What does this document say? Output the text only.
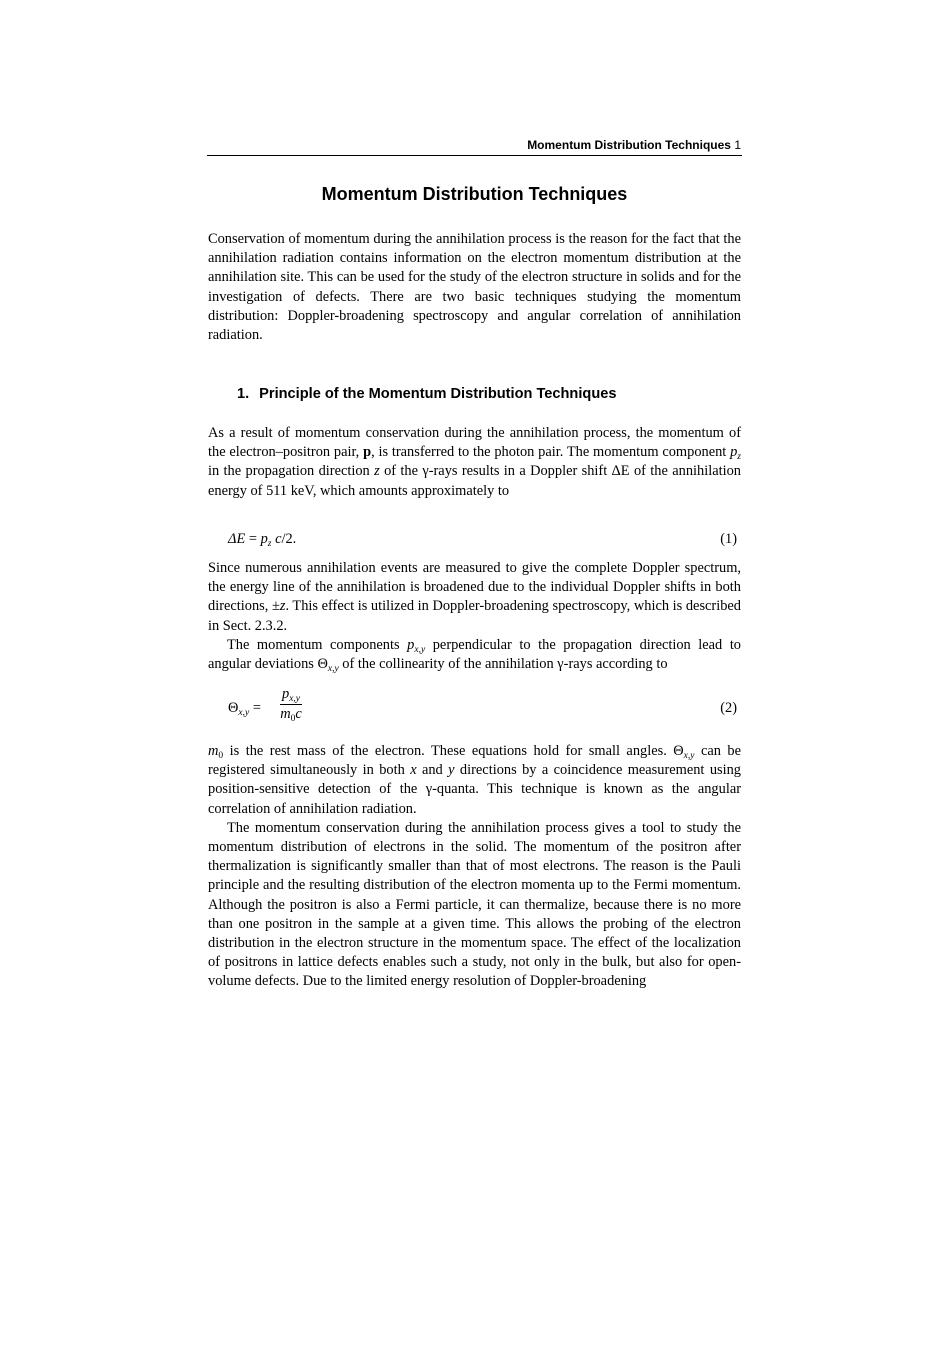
Momentum Distribution Techniques 1
Momentum Distribution Techniques

Conservation of momentum during the annihilation process is the reason for the fact that the annihilation radiation contains information on the electron momentum distribution at the annihilation site. This can be used for the study of the electron structure in solids and for the investigation of defects. There are two basic techniques studying the momentum distribution: Doppler-broadening spectroscopy and angular correlation of annihilation radiation.

1. Principle of the Momentum Distribution Techniques

As a result of momentum conservation during the annihilation process, the momentum of the electron–positron pair, p, is transferred to the photon pair. The momentum component $p_z$ in the propagation direction z of the γ-rays results in a Doppler shift ΔE of the annihilation energy of 511 keV, which amounts approximately to

$\Delta E = p_z$ c/2.	(1)

Since numerous annihilation events are measured to give the complete Doppler spectrum, the energy line of the annihilation is broadened due to the individual Doppler shifts in both directions, ±z. This effect is utilized in Doppler-broadening spectroscopy, which is described in Sect. 2.3.2.

The momentum components $p_{x,y}$ perpendicular to the propagation direction lead to angular deviations $\Theta_{x,y}$ of the collinearity of the annihilation γ-rays according to

$\Theta_{x,y} = \frac{p_{x,y}}{m_0c}$	(2)

$m_0$ is the rest mass of the electron. These equations hold for small angles. $\Theta_{x,y}$ can be registered simultaneously in both x and y directions by a coincidence measurement using position-sensitive detection of the γ-quanta. This technique is known as the angular correlation of annihilation radiation.

The momentum conservation during the annihilation process gives a tool to study the momentum distribution of electrons in the solid. The momentum of the positron after thermalization is significantly smaller than that of most electrons. The reason is the Pauli principle and the resulting distribution of the electron momenta up to the Fermi momentum. Although the positron is also a Fermi particle, it can thermalize, because there is no more than one positron in the sample at a given time. This allows the probing of the electron distribution in the electron structure in the momentum space. The effect of the localization of positrons in lattice defects enables such a study, not only in the bulk, but also for open-volume defects. Due to the limited energy resolution of Doppler-broadening
